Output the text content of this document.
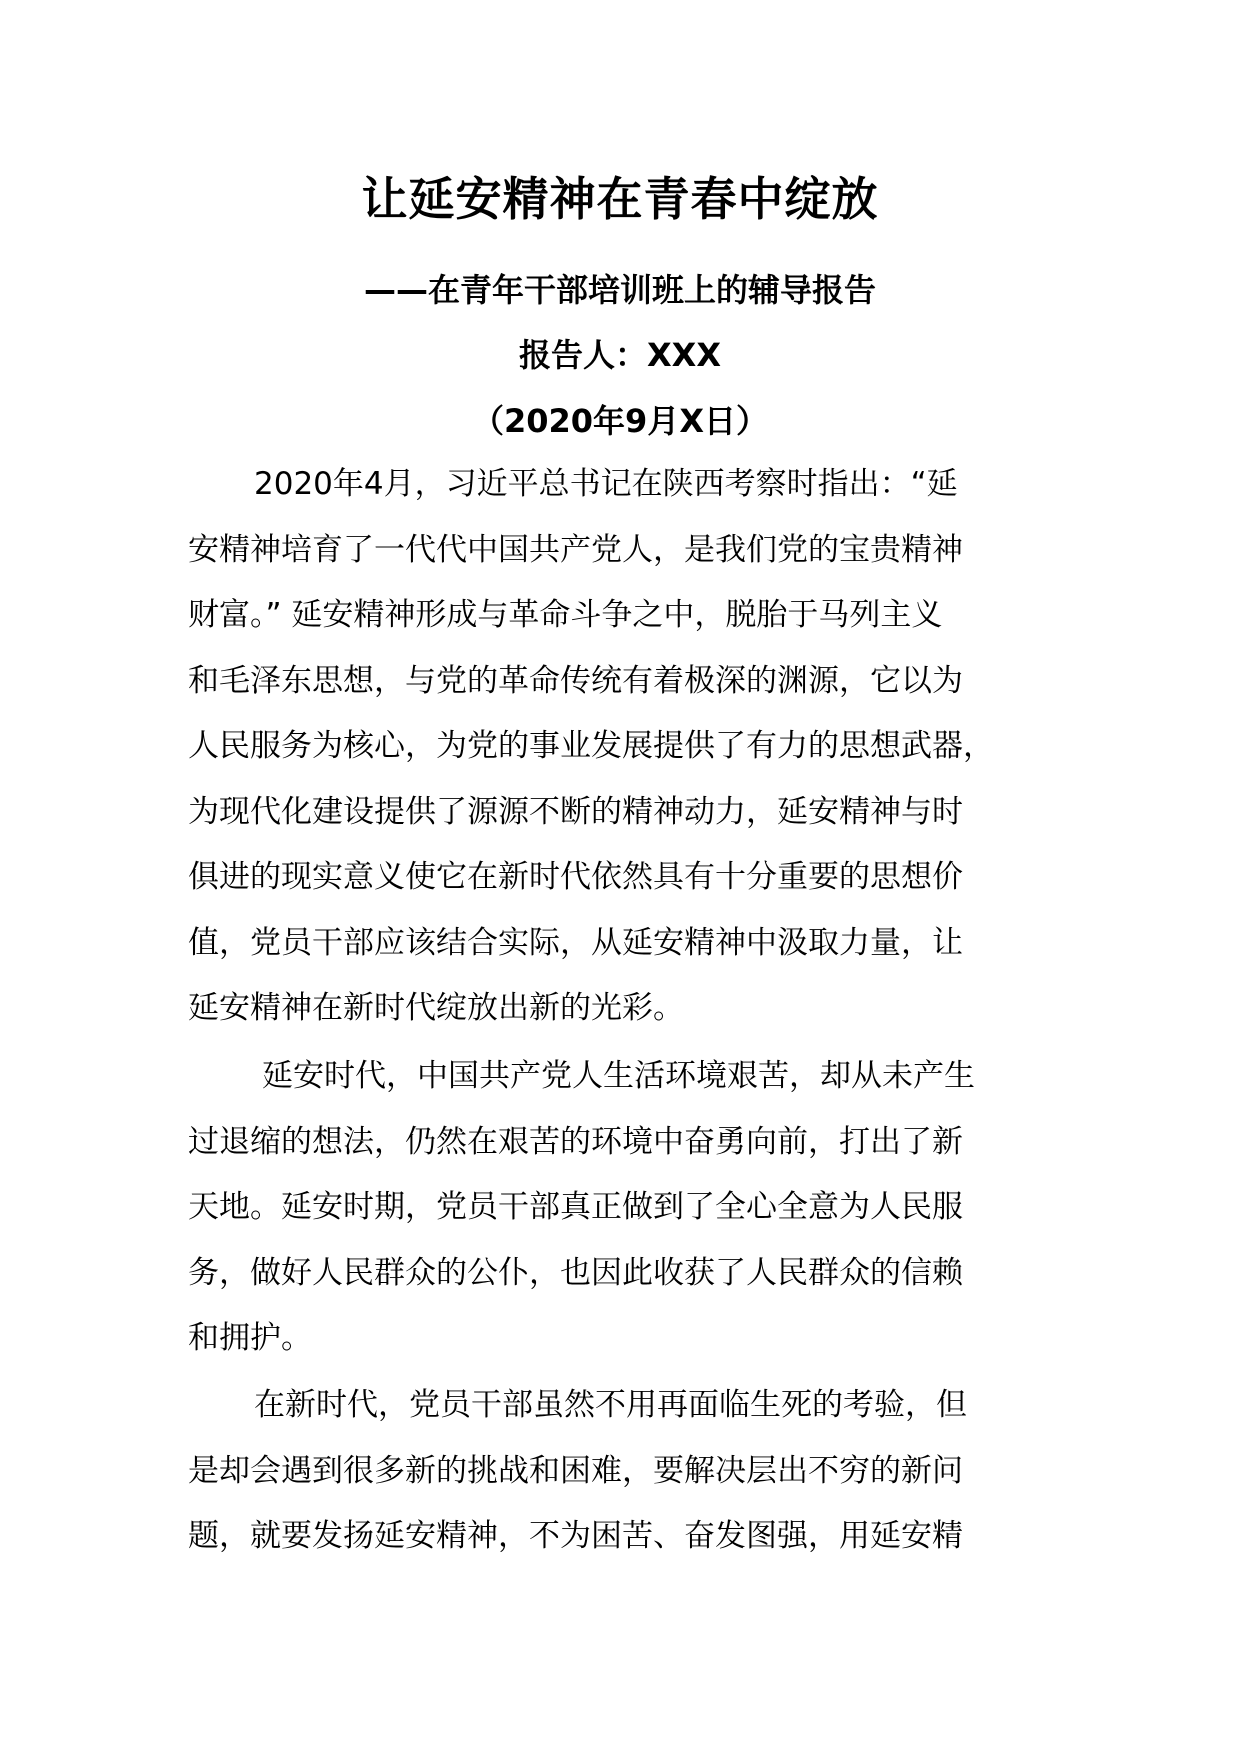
让延安精神在青春中绽放
——在青年干部培训班上的辅导报告
报告人：XXX
（2020年9月X日）
2020年4月，习近平总书记在陕西考察时指出：“延
安精神培育了一代代中国共产党人，是我们党的宝贵精神
财富。” 延安精神形成与革命斗争之中，脱胎于马列主义
和毛泽东思想，与党的革命传统有着极深的渊源，它以为
人民服务为核心，为党的事业发展提供了有力的思想武器，
为现代化建设提供了源源不断的精神动力，延安精神与时
俱进的现实意义使它在新时代依然具有十分重要的思想价
值，党员干部应该结合实际，从延安精神中汲取力量，让
延安精神在新时代绽放出新的光彩。
延安时代，中国共产党人生活环境艰苦，却从未产生
过退缩的想法，仍然在艰苦的环境中奋勇向前，打出了新
天地。延安时期，党员干部真正做到了全心全意为人民服
务，做好人民群众的公仆，也因此收获了人民群众的信赖
和拥护。
在新时代，党员干部虽然不用再面临生死的考验，但
是却会遇到很多新的挑战和困难，要解决层出不穷的新问
题，就要发扬延安精神，不为困苦、奋发图强，用延安精
